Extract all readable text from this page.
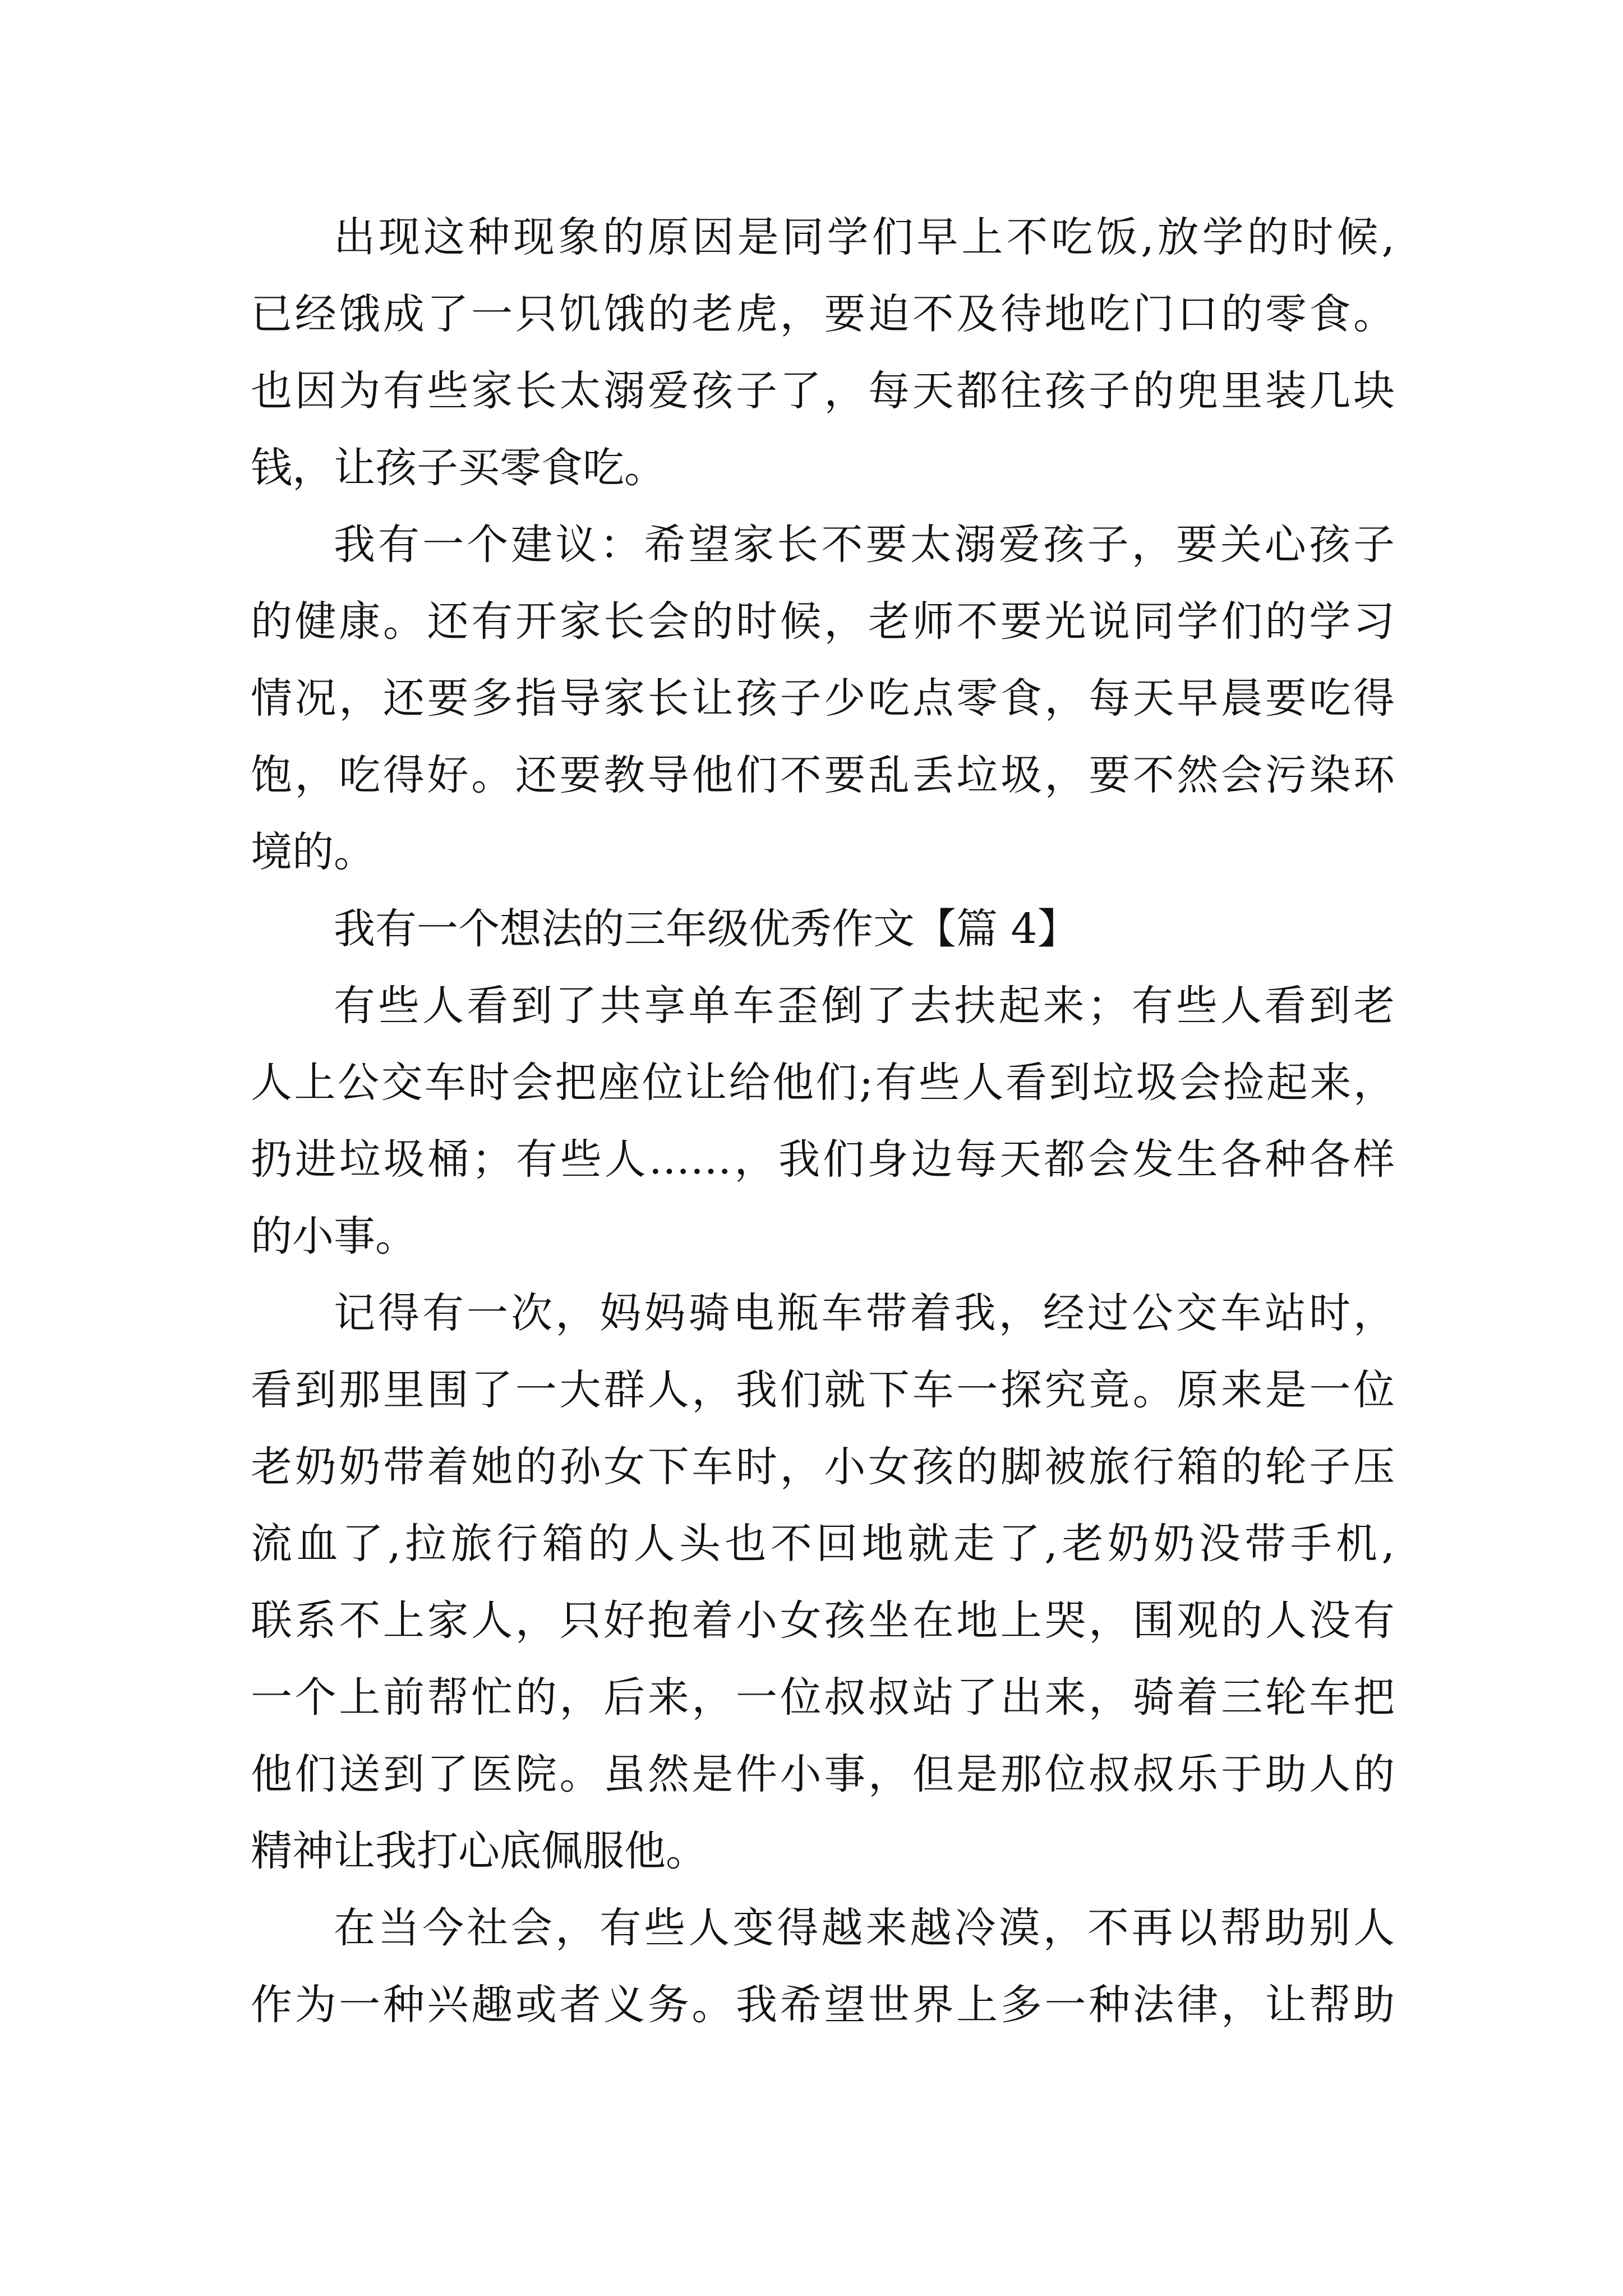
出现这种现象的原因是同学们早上不吃饭,放学的时候,
已经饿成了一只饥饿的老虎，要迫不及待地吃门口的零食。
也因为有些家长太溺爱孩子了，每天都往孩子的兜里装几块
钱，让孩子买零食吃。
我有一个建议：希望家长不要太溺爱孩子，要关心孩子
的健康。还有开家长会的时候，老师不要光说同学们的学习
情况，还要多指导家长让孩子少吃点零食，每天早晨要吃得
饱，吃得好。还要教导他们不要乱丢垃圾，要不然会污染环
境的。
我有一个想法的三年级优秀作文【篇 4】
有些人看到了共享单车歪倒了去扶起来；有些人看到老
人上公交车时会把座位让给他们;有些人看到垃圾会捡起来，
扔进垃圾桶；有些人……，我们身边每天都会发生各种各样
的小事。
记得有一次，妈妈骑电瓶车带着我，经过公交车站时，
看到那里围了一大群人，我们就下车一探究竟。原来是一位
老奶奶带着她的孙女下车时，小女孩的脚被旅行箱的轮子压
流血了,拉旅行箱的人头也不回地就走了,老奶奶没带手机,
联系不上家人，只好抱着小女孩坐在地上哭，围观的人没有
一个上前帮忙的，后来，一位叔叔站了出来，骑着三轮车把
他们送到了医院。虽然是件小事，但是那位叔叔乐于助人的
精神让我打心底佩服他。
在当今社会，有些人变得越来越冷漠，不再以帮助别人
作为一种兴趣或者义务。我希望世界上多一种法律，让帮助
